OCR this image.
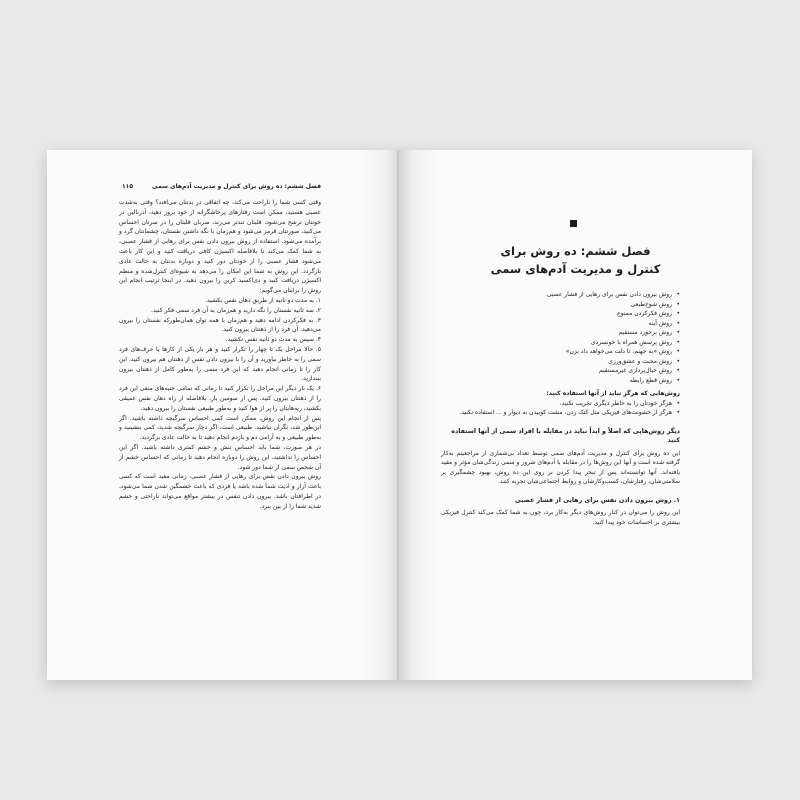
فصل ششم: ده روش برای کنترل و مدیریت آدم‌های سمی
۱۱۵

وقتی کسی شما را ناراحت می‌کند، چه اتفاقی در بدنتان می‌افتد؟ وقتی به‌شدت عصبی هستید، ممکن است رفتارهای پرخاشگرانه از خود بروز دهید، آدرنالین در خونتان ترشح می‌شود، قلبتان تندتر می‌زند، ضربان قلبتان را در سرتان احساس می‌کنید، صورتتان قرمز می‌شود و هم‌زمان با نگه داشتن نفستان، چشمانتان گرد و برآمده می‌شود. استفاده از روش بیرون دادن نفس برای رهایی از فشار عصبی، به شما کمک می‌کند تا بلافاصله اکسیژن کافی دریافت کنید و این کار باعث می‌شود فشار عصبی را از خودتان دور کنید و دوباره بدنتان به حالت عادی بازگردد. این روش به شما این امکان را می‌دهد به شیوه‌ای کنترل‌شده و منظم اکسیژن دریافت کنید و دی‌اکسید کربن را بیرون دهید. در اینجا ترتیب انجام این روش را برایتان می‌گویم:

۱. به مدت دو ثانیه از طریق دهان نفس بکشید.

۲. سه ثانیه نفستان را نگه دارید و هم‌زمان به آن فرد سمی فکر کنید.

۳. به فکرکردن ادامه دهید و هم‌زمان با همه توان همان‌طورکه نفستان را بیرون می‌دهید، آن فرد را از ذهنتان بیرون کنید.

۴. سپس به مدت دو ثانیه نفس نکشید.

۵. حالا مراحل یک تا چهار را تکرار کنید و هر بار یکی از کارها یا حرف‌های فرد سمی را به خاطر بیاورید و آن را با بیرون دادن نفس از ذهنتان هم بیرون کنید. این کار را تا زمانی انجام دهید که این فرد سمی را به‌طور کامل از ذهنتان بیرون بیندازید.

۶. یک بار دیگر این مراحل را تکرار کنید تا زمانی که تمامی جنبه‌های منفی این فرد را از ذهنتان بیرون کنید. پس از سومین بار، بلافاصله از راه دهان نفس عمیقی بکشید، ریه‌هایتان را پر از هوا کنید و به‌طور طبیعی نفستان را بیرون دهید.

پس از انجام این روش، ممکن است کمی احساس سرگیجه داشته باشید. اگر این‌طور شد، نگران نباشید. طبیعی است. اگر دچار سرگیجه شدید، کمی بنشینید و به‌طور طبیعی و به آرامی دم و بازدم انجام دهید تا به حالت عادی برگردید.

در هر صورت، شما باید احساس تنش و خشم کمتری داشته باشید. اگر این احساس را نداشتید، این روش را دوباره انجام دهید تا زمانی که احساس خشم از آن شخص سمی از شما دور شود.

روش بیرون دادن نفس برای رهایی از فشار عصبی، زمانی مفید است که کسی باعث آزار و اذیت شما شده باشد یا فردی که باعث خشمگین شدن شما می‌شود، در اطرافتان باشد. بیرون دادن تنفس در بیشتر مواقع می‌تواند ناراحتی و خشم شدید شما را از بین ببرد.

فصل ششم: ده روش برای
کنترل و مدیریت آدم‌های سمی
• روش بیرون دادن نفس برای رهایی از فشار عصبی
• روش شوخ‌طبعی
• روش فکرکردن ممنوع
• روش آینه
• روش برخورد مستقیم
• روش پرسش همراه با خونسردی
• روش «به جهنم، تا دلت می‌خواهد داد بزن»
• روش محبت و عشق‌ورزی
• روش خیال‌پردازی غیرمستقیم
• روش قطع رابطه
روش‌هایی که هرگز نباید از آنها استفاده کنید:
• هرگز خودتان را به خاطر دیگری تخریب نکنید.
• هرگز از خشونت‌های فیزیکی مثل کتک زدن، مشت کوبیدن به دیوار و ... استفاده نکنید.
دیگر روش‌هایی که اصلاً و ابداً نباید در مقابله با افراد سمی از آنها استفاده کنید

این ده روش برای کنترل و مدیریت آدم‌های سمی توسط تعداد بی‌شماری از مراجعینم به‌کار گرفته شده است و آنها این روش‌ها را در مقابله با آدم‌های شرور و سمی زندگی‌شان مؤثر و مفید یافته‌اند. آنها توانسته‌اند پس از تبحر پیدا کردن بر روی این ده روش، بهبود چشمگیری بر سلامتی‌شان، رفتارشان، کسب‌وکارشان و روابط اجتماعی‌شان تجربه کنند.

۱. روش بیرون دادن نفس برای رهایی از فشار عصبی

این روش را می‌توان در کنار روش‌های دیگر به‌کار برد، چون به شما کمک می‌کند کنترل فیزیکی بیشتری بر احساسات خود پیدا کنید.
